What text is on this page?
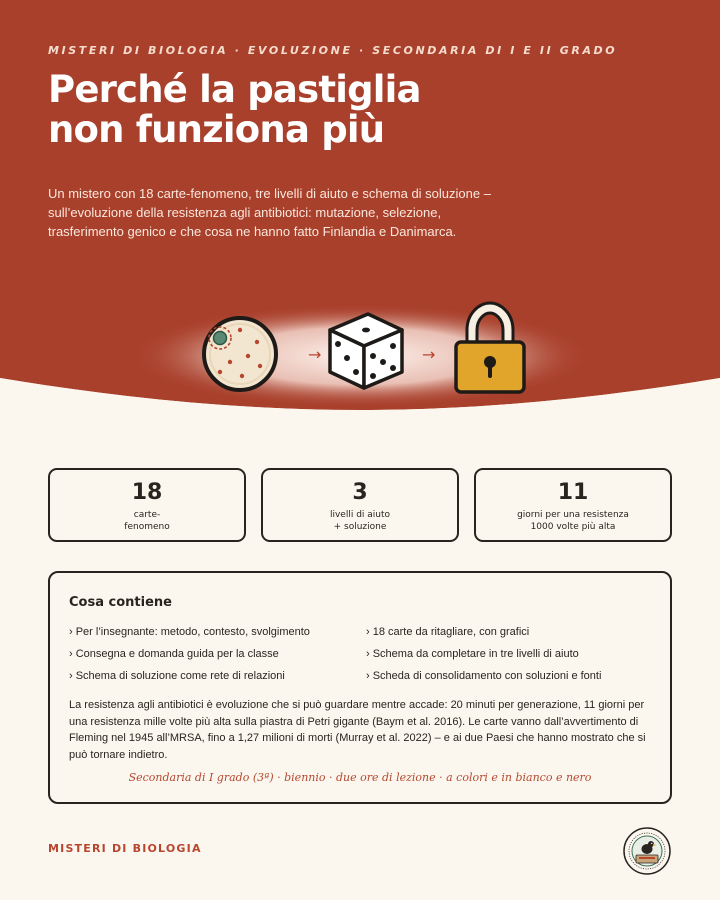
MISTERI DI BIOLOGIA · EVOLUZIONE · SECONDARIA DI I E II GRADO
Perché la pastiglia
non funziona più

Un mistero con 18 carte-fenomeno, tre livelli di aiuto e schema di soluzione – sull’evoluzione della resistenza agli antibiotici: mutazione, selezione, trasferimento genico e che cosa ne hanno fatto Finlandia e Danimarca.

→	→
18
carte-
fenomeno
3
livelli di aiuto
+ soluzione
11
giorni per una resistenza
1000 volte più alta
Cosa contiene
› Per l’insegnante: metodo, contesto, svolgimento
› Consegna e domanda guida per la classe
› Schema di soluzione come rete di relazioni
› 18 carte da ritagliare, con grafici
› Schema da completare in tre livelli di aiuto
› Scheda di consolidamento con soluzioni e fonti

La resistenza agli antibiotici è evoluzione che si può guardare mentre accade: 20 minuti per generazione, 11 giorni per una resistenza mille volte più alta sulla piastra di Petri gigante (Baym et al. 2016). Le carte vanno dall’avvertimento di Fleming nel 1945 all’MRSA, fino a 1,27 milioni di morti (Murray et al. 2022) – e ai due Paesi che hanno mostrato che si può tornare indietro.

Secondaria di I grado (3ª) · biennio · due ore di lezione · a colori e in bianco e nero

MISTERI DI BIOLOGIA
